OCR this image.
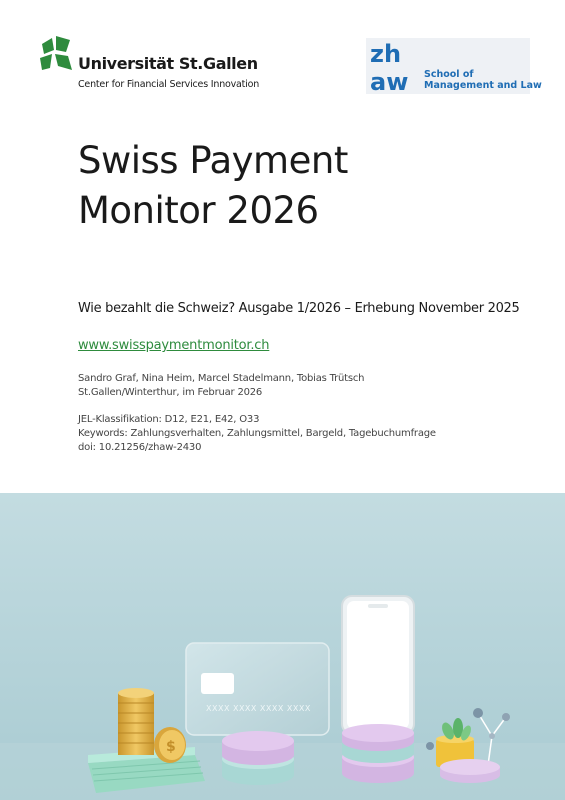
Universität St.Gallen
Center for Financial Services Innovation
zh
aw School of
Management and Law
Swiss Payment
Monitor 2026
Wie bezahlt die Schweiz? Ausgabe 1/2026 – Erhebung November 2025
www.swisspaymentmonitor.ch
Sandro Graf, Nina Heim, Marcel Stadelmann, Tobias Trütsch
St.Gallen/Winterthur, im Februar 2026
JEL-Klassifikation: D12, E21, E42, O33
Keywords: Zahlungsverhalten, Zahlungsmittel, Bargeld, Tagebuchumfrage
doi: 10.21256/zhaw-2430
XXXX XXXX XXXX XXXX
$
